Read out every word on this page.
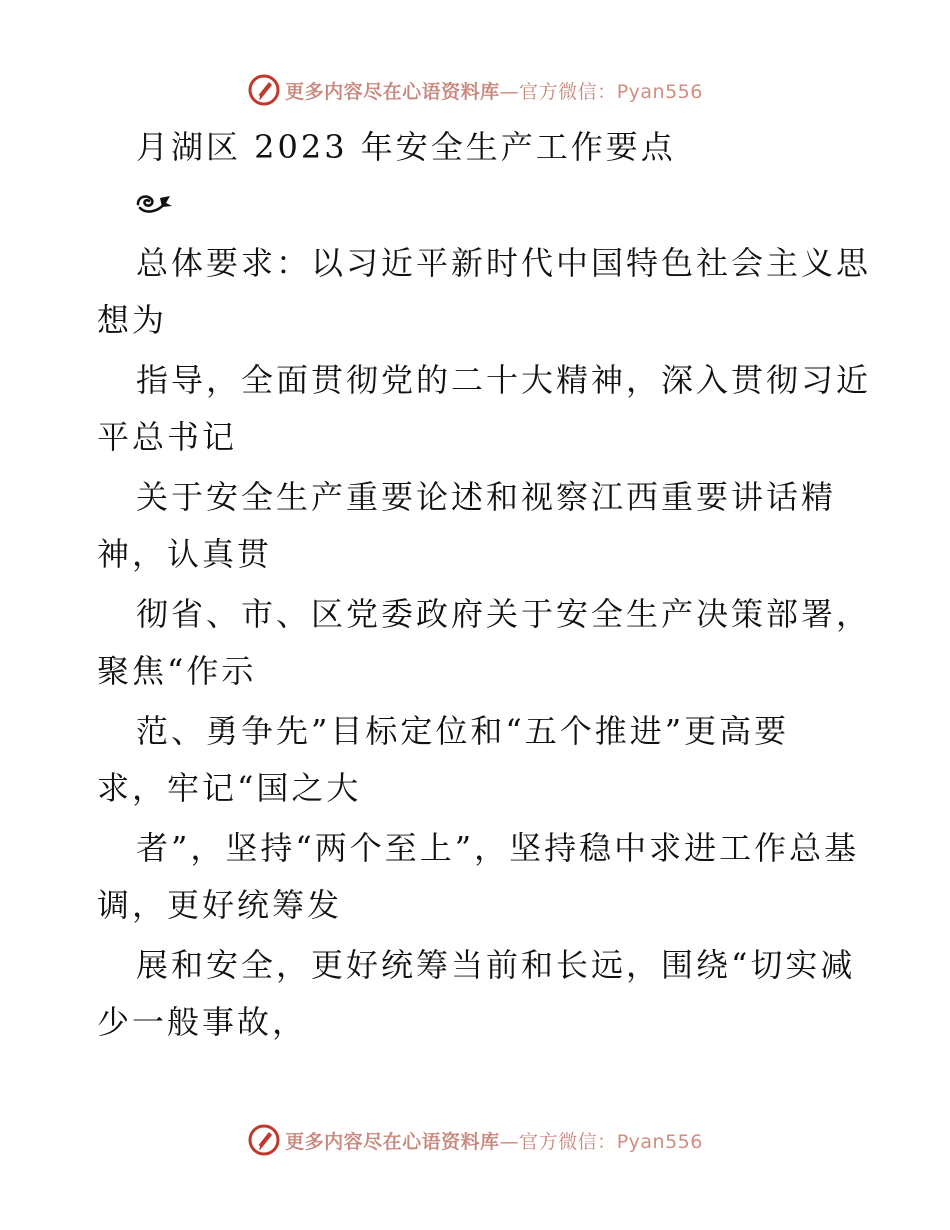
更多内容尽在心语资料库—官方微信：Pyan556
月湖区 2023 年安全生产工作要点
总体要求：以习近平新时代中国特色社会主义思
想为
指导，全面贯彻党的二十大精神，深入贯彻习近
平总书记
关于安全生产重要论述和视察江西重要讲话精
神，认真贯
彻省、市、区党委政府关于安全生产决策部署，
聚焦“作示
范、勇争先”目标定位和“五个推进”更高要
求，牢记“国之大
者”，坚持“两个至上”，坚持稳中求进工作总基
调，更好统筹发
展和安全，更好统筹当前和长远，围绕“切实减
少一般事故，
更多内容尽在心语资料库—官方微信：Pyan556
